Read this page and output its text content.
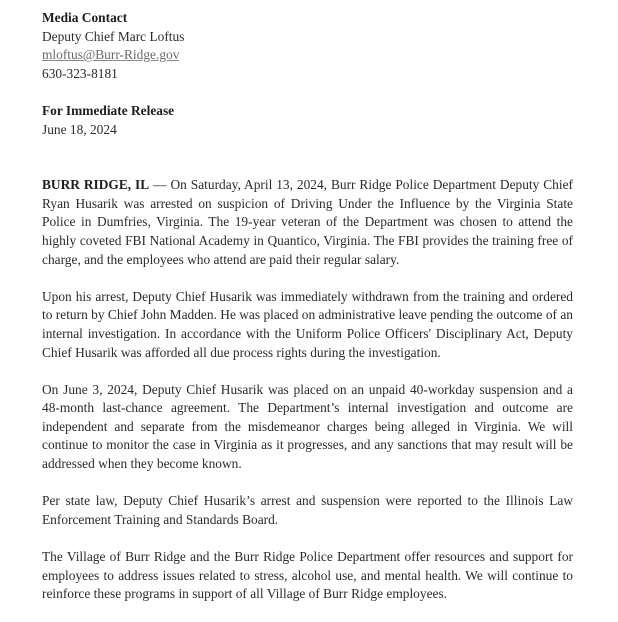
Media Contact
Deputy Chief Marc Loftus
mloftus@Burr-Ridge.gov
630-323-8181
For Immediate Release
June 18, 2024

BURR RIDGE, IL — On Saturday, April 13, 2024, Burr Ridge Police Department Deputy Chief Ryan Husarik was arrested on suspicion of Driving Under the Influence by the Virginia State Police in Dumfries, Virginia. The 19-year veteran of the Department was chosen to attend the highly coveted FBI National Academy in Quantico, Virginia. The FBI provides the training free of charge, and the employees who attend are paid their regular salary.

Upon his arrest, Deputy Chief Husarik was immediately withdrawn from the training and ordered to return by Chief John Madden. He was placed on administrative leave pending the outcome of an internal investigation. In accordance with the Uniform Police Officers' Disciplinary Act, Deputy Chief Husarik was afforded all due process rights during the investigation.

On June 3, 2024, Deputy Chief Husarik was placed on an unpaid 40-workday suspension and a 48-month last-chance agreement. The Department’s internal investigation and outcome are independent and separate from the misdemeanor charges being alleged in Virginia. We will continue to monitor the case in Virginia as it progresses, and any sanctions that may result will be addressed when they become known.

Per state law, Deputy Chief Husarik’s arrest and suspension were reported to the Illinois Law Enforcement Training and Standards Board.

The Village of Burr Ridge and the Burr Ridge Police Department offer resources and support for employees to address issues related to stress, alcohol use, and mental health. We will continue to reinforce these programs in support of all Village of Burr Ridge employees.
